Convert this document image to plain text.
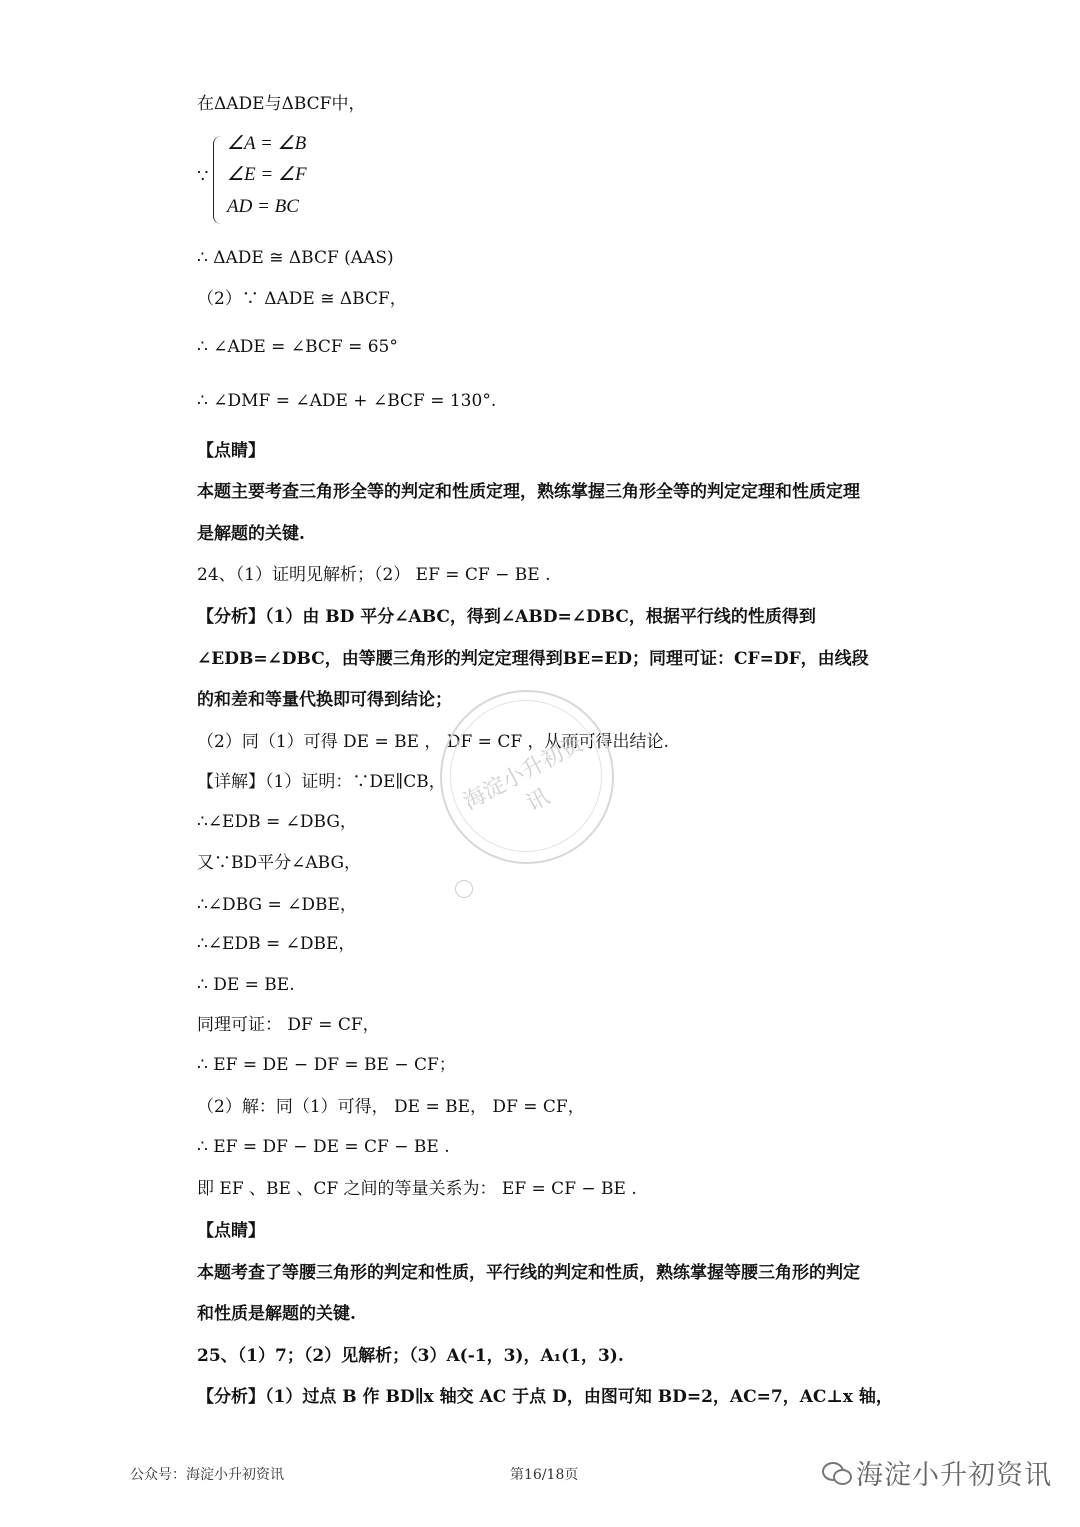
在ΔADE与ΔBCF中，
∵
∠A = ∠B
∠E = ∠F
AD = BC
∴ ΔADE ≅ ΔBCF (AAS)
（2）∵ ΔADE ≅ ΔBCF，
∴ ∠ADE = ∠BCF = 65°
∴ ∠DMF = ∠ADE + ∠BCF = 130°.
【点睛】
本题主要考查三角形全等的判定和性质定理，熟练掌握三角形全等的判定定理和性质定理
是解题的关键.
24、（1）证明见解析；（2） EF = CF − BE .
【分析】（1）由 BD 平分∠ABC，得到∠ABD=∠DBC，根据平行线的性质得到
∠EDB=∠DBC，由等腰三角形的判定定理得到BE=ED；同理可证：CF=DF，由线段
的和差和等量代换即可得到结论；
（2）同（1）可得 DE = BE ， DF = CF ，从而可得出结论.
【详解】（1）证明：∵DE∥CB，
∴∠EDB = ∠DBG，
又∵BD平分∠ABG，
∴∠DBG = ∠DBE，
∴∠EDB = ∠DBE，
∴ DE = BE.
同理可证： DF = CF，
∴ EF = DE − DF = BE − CF；
（2）解：同（1）可得， DE = BE， DF = CF，
∴ EF = DF − DE = CF − BE .
即 EF 、BE 、CF 之间的等量关系为： EF = CF − BE .
【点睛】
本题考查了等腰三角形的判定和性质，平行线的判定和性质，熟练掌握等腰三角形的判定
和性质是解题的关键.
25、（1）7；（2）见解析；（3）A(-1，3)，A₁(1，3).
【分析】（1）过点 B 作 BD∥x 轴交 AC 于点 D，由图可知 BD=2，AC=7，AC⊥x 轴，
海淀小升初资讯
公众号：海淀小升初资讯	第16/18页	海淀小升初资讯
